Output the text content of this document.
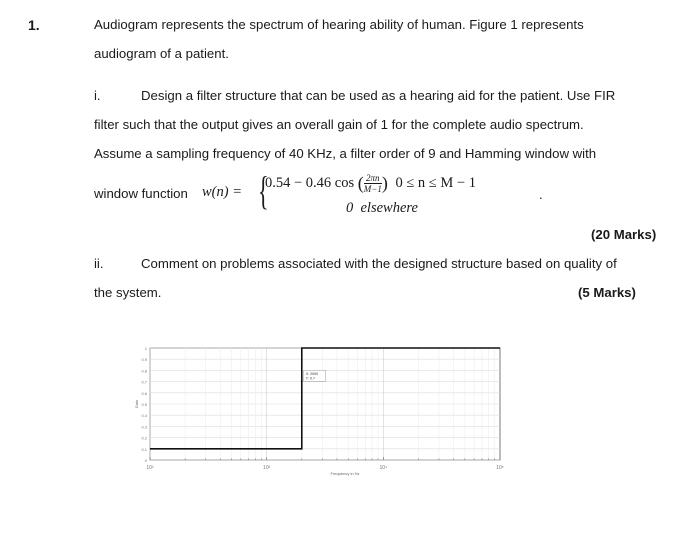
1.	Audiogram represents the spectrum of hearing ability of human. Figure 1 represents
audiogram of a patient.
i.	Design a filter structure that can be used as a hearing aid for the patient. Use FIR
filter such that the output gives an overall gain of 1 for the complete audio spectrum.
Assume a sampling frequency of 40 KHz, a filter order of 9 and Hamming window with
window function w(n) = {
0.54 − 0.46 cos ( $\frac{2\pi n}{M-1}$ ) 0 ≤ n ≤ M − 1
0  elsewhere
.
(20 Marks)
ii.	Comment on problems associated with the designed structure based on quality of
the system.	(5 Marks)
0
0.1
0.2
0.3
0.4
0.5
0.6
0.7
0.8
0.9
1
10²	10³	10⁴	10⁵
Frequency in Hz
Gain
X: 2000
Y: 0.7
